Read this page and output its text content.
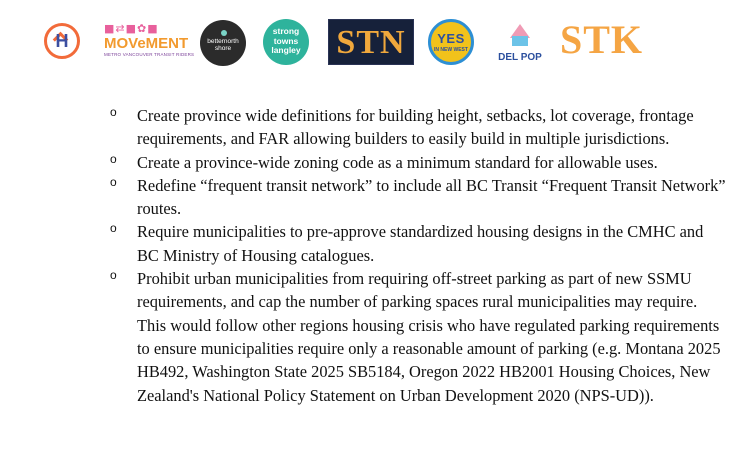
H
■⇄■✿■
MOVeMENT
METRO VANCOUVER TRANSIT RIDERS
betternorth shore
strong towns langley STN	YES
IN NEW WEST
DEL POP STK
o Create province wide definitions for building height, setbacks, lot coverage, frontage requirements, and FAR allowing builders to easily build in multiple jurisdictions.
o Create a province-wide zoning code as a minimum standard for allowable uses.
o Redefine “frequent transit network” to include all BC Transit “Frequent Transit Network” routes.
o Require municipalities to pre-approve standardized housing designs in the CMHC and BC Ministry of Housing catalogues.
o Prohibit urban municipalities from requiring off-street parking as part of new SSMU requirements, and cap the number of parking spaces rural municipalities may require. This would follow other regions housing crisis who have regulated parking requirements to ensure municipalities require only a reasonable amount of parking (e.g. Montana 2025 HB492, Washington State 2025 SB5184, Oregon 2022 HB2001 Housing Choices, New Zealand's National Policy Statement on Urban Development 2020 (NPS-UD)).
